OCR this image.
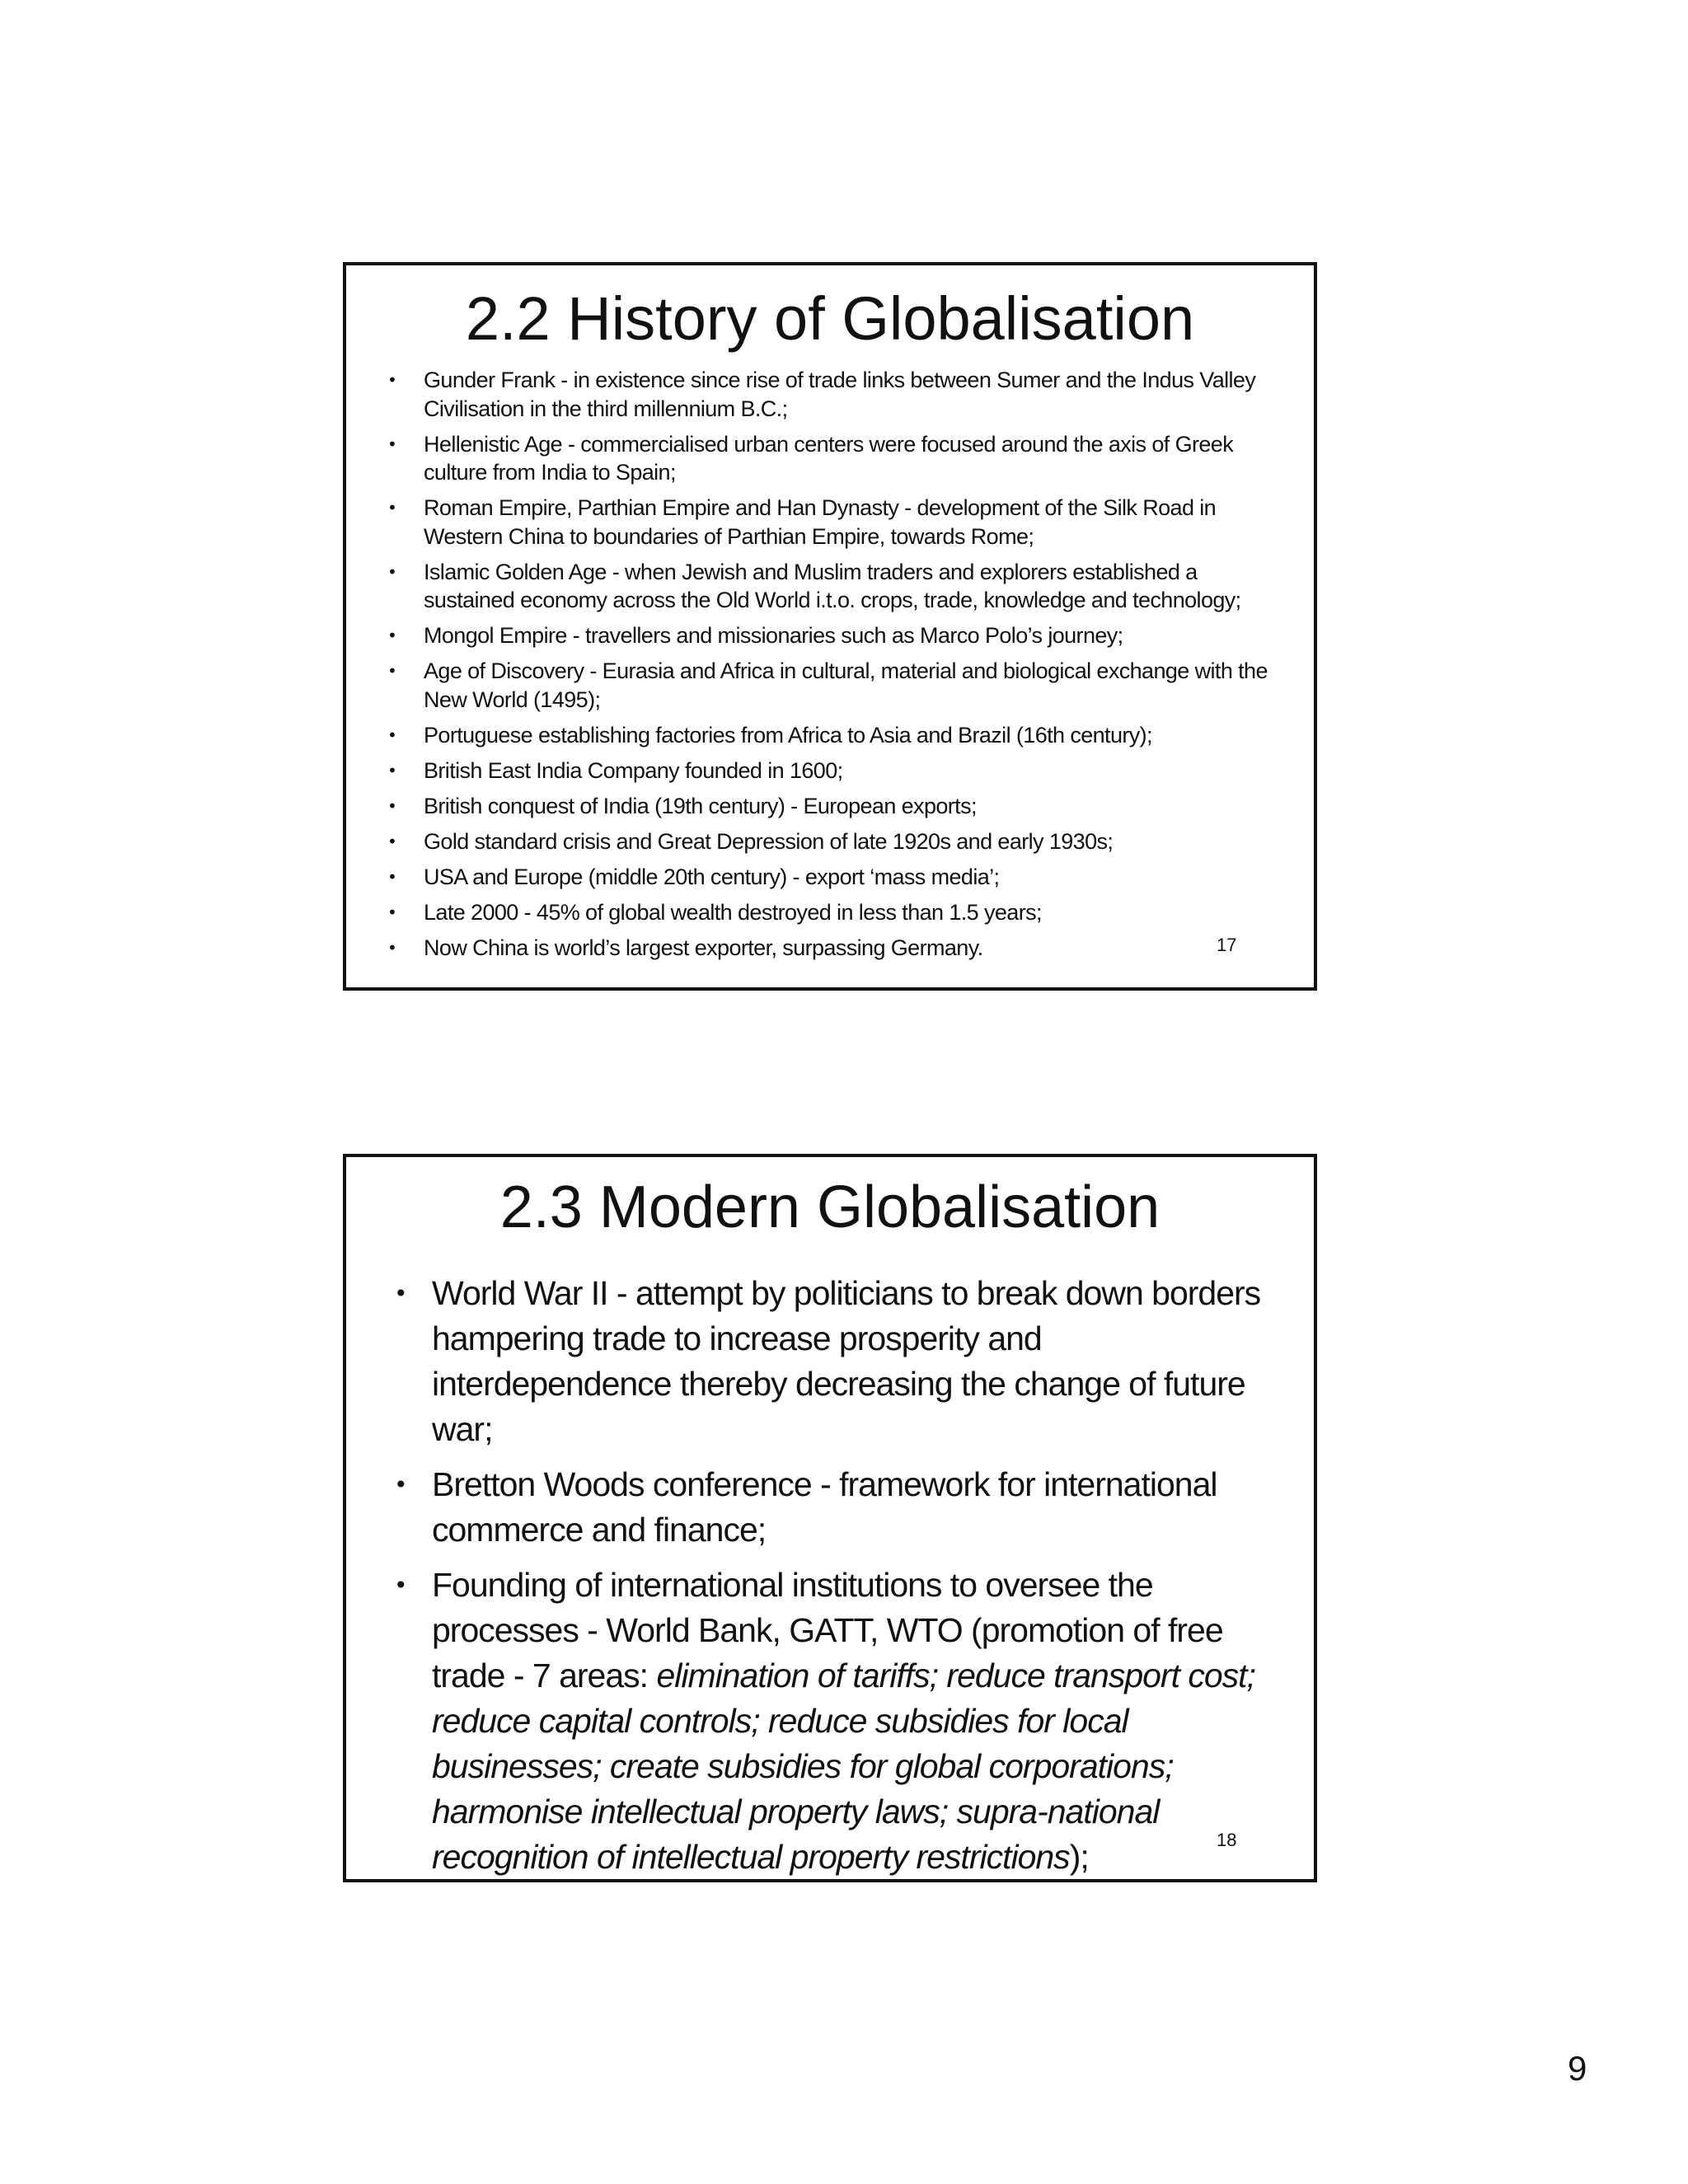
2.2 History of Globalisation
• Gunder Frank - in existence since rise of trade links between Sumer and the Indus Valley Civilisation in the third millennium B.C.;
• Hellenistic Age - commercialised urban centers were focused around the axis of Greek culture from India to Spain;
• Roman Empire, Parthian Empire and Han Dynasty - development of the Silk Road in Western China to boundaries of Parthian Empire, towards Rome;
• Islamic Golden Age - when Jewish and Muslim traders and explorers established a sustained economy across the Old World i.t.o. crops, trade, knowledge and technology;
• Mongol Empire - travellers and missionaries such as Marco Polo’s journey;
• Age of Discovery - Eurasia and Africa in cultural, material and biological exchange with the New World (1495);
• Portuguese establishing factories from Africa to Asia and Brazil (16th century);
• British East India Company founded in 1600;
• British conquest of India (19th century) - European exports;
• Gold standard crisis and Great Depression of late 1920s and early 1930s;
• USA and Europe (middle 20th century) - export ‘mass media’;
• Late 2000 - 45% of global wealth destroyed in less than 1.5 years;
• Now China is world’s largest exporter, surpassing Germany.	17
2.3 Modern Globalisation
• World War II - attempt by politicians to break down borders hampering trade to increase prosperity and interdependence thereby decreasing the change of future war;
• Bretton Woods conference - framework for international commerce and finance;
• Founding of international institutions to oversee the processes - World Bank, GATT, WTO (promotion of free trade - 7 areas: elimination of tariffs; reduce transport cost; reduce capital controls; reduce subsidies for local businesses; create subsidies for global corporations; harmonise intellectual property laws; supra-national recognition of intellectual property restrictions);	18
9
